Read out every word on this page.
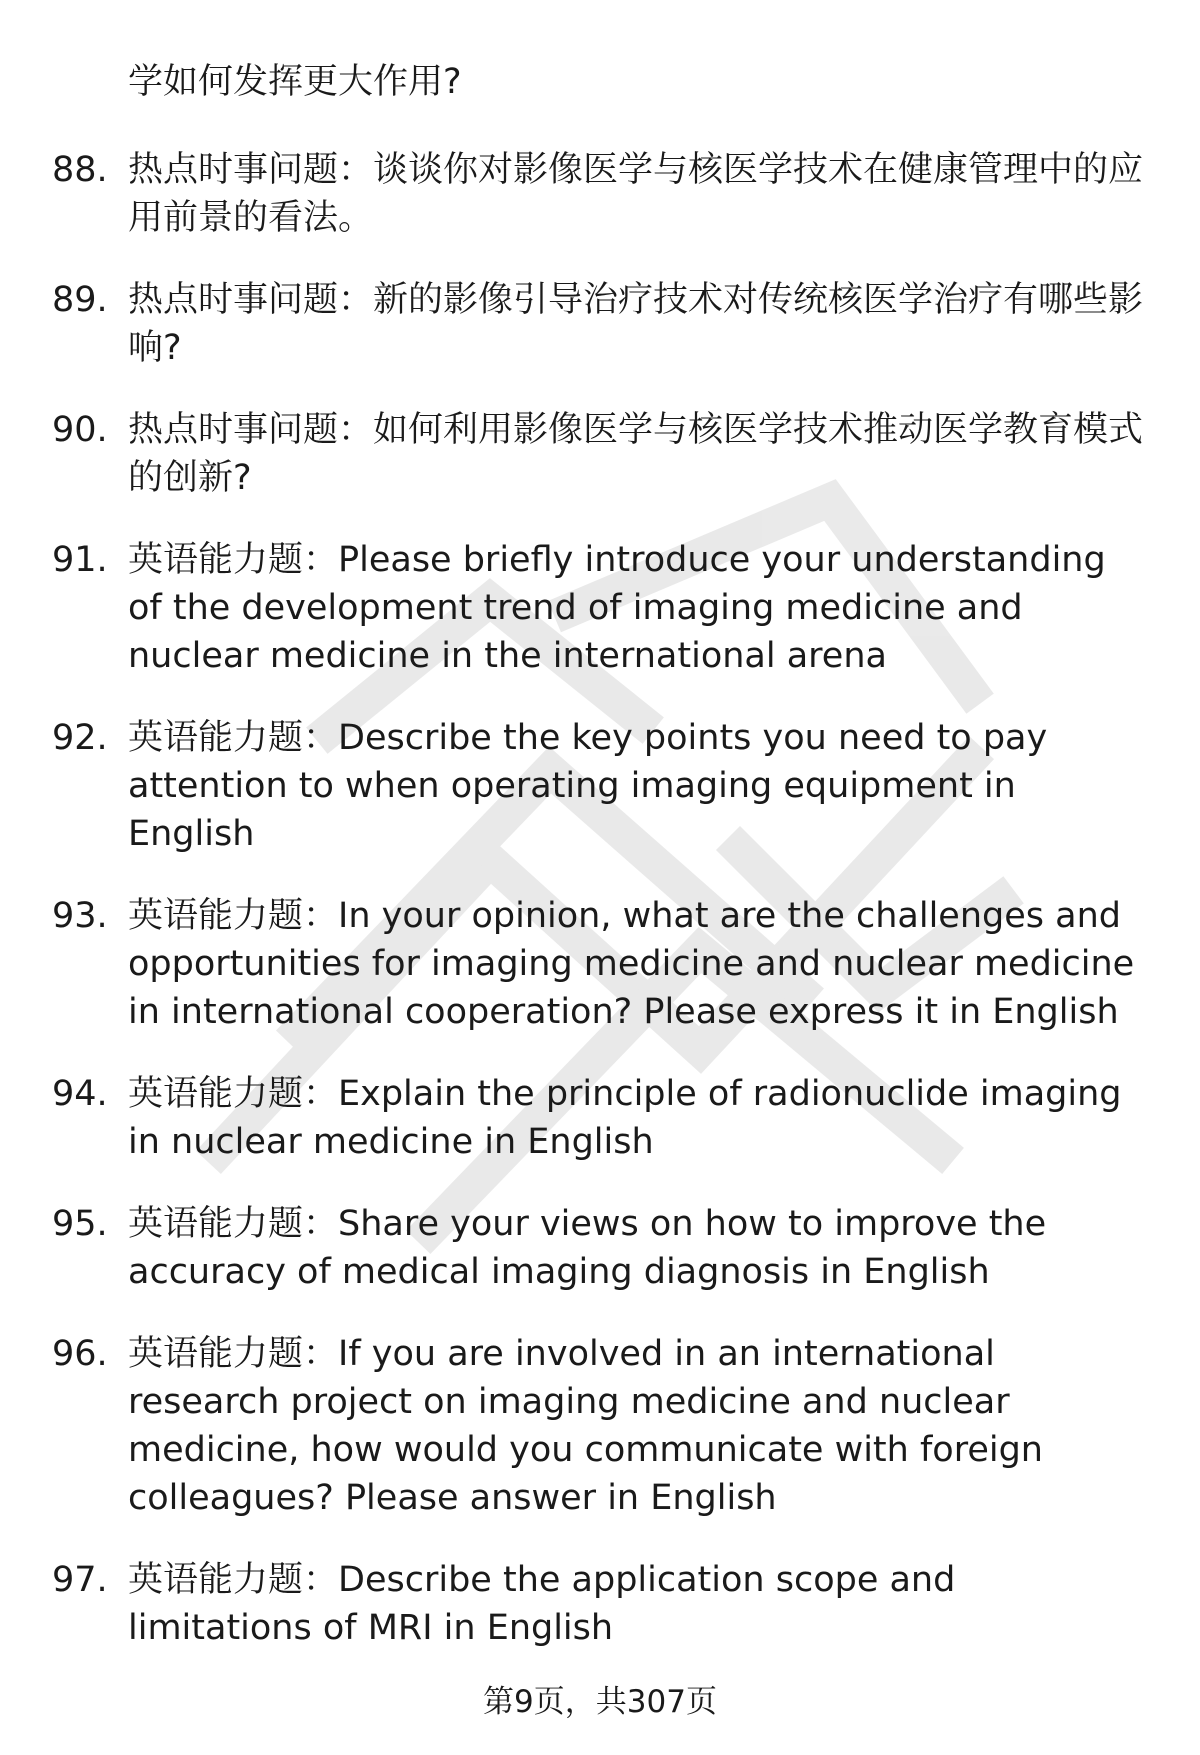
学如何发挥更大作用?
88. 热点时事问题：谈谈你对影像医学与核医学技术在健康管理中的应用前景的看法。
89. 热点时事问题：新的影像引导治疗技术对传统核医学治疗有哪些影响?
90. 热点时事问题：如何利用影像医学与核医学技术推动医学教育模式的创新?
91. 英语能力题：Please briefly introduce your understanding of the development trend of imaging medicine and nuclear medicine in the international arena
92. 英语能力题：Describe the key points you need to pay attention to when operating imaging equipment in English
93. 英语能力题：In your opinion, what are the challenges and opportunities for imaging medicine and nuclear medicine in international cooperation? Please express it in English
94. 英语能力题：Explain the principle of radionuclide imaging in nuclear medicine in English
95. 英语能力题：Share your views on how to improve the accuracy of medical imaging diagnosis in English
96. 英语能力题：If you are involved in an international research project on imaging medicine and nuclear medicine, how would you communicate with foreign colleagues? Please answer in English
97. 英语能力题：Describe the application scope and limitations of MRI in English
第9页，共307页
